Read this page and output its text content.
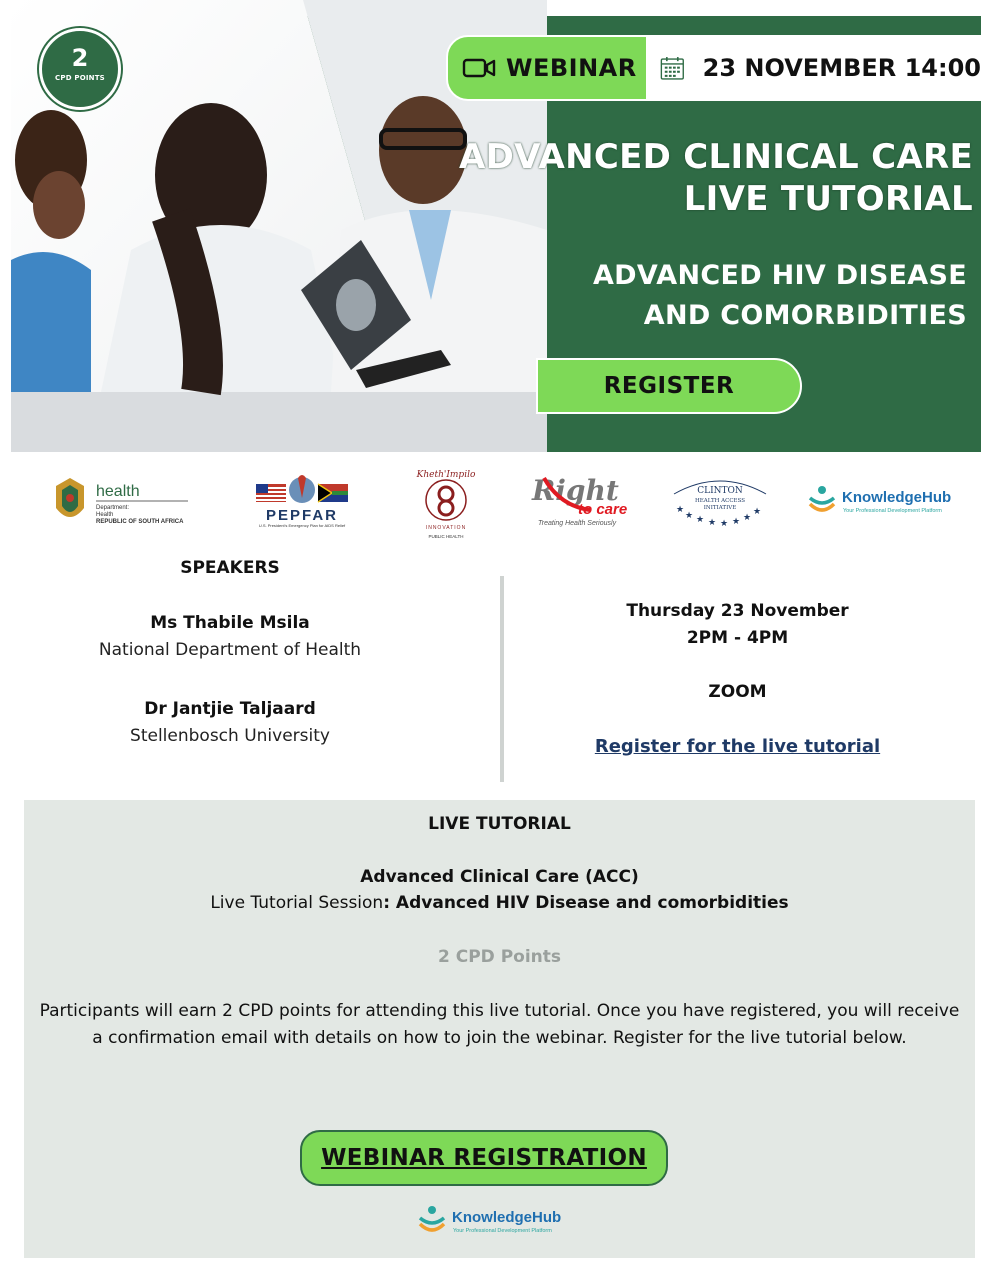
2
CPD POINTS	WEBINAR	23 NOVEMBER 14:00
ADVANCED CLINICAL CARE
LIVE TUTORIAL
ADVANCED HIV DISEASE
AND COMORBIDITIES
REGISTER
health
Department:
Health
REPUBLIC OF SOUTH AFRICA	PEPFAR
U.S. President's Emergency Plan for AIDS Relief
Kheth'Impilo
INNOVATION
PUBLIC HEALTH
Right
to care
Treating Health Seriously
CLINTON
HEALTH ACCESS
INITIATIVE
★
★ ★ ★ ★ ★ ★
★
KnowledgeHub
Your Professional Development Platform
SPEAKERS
Ms Thabile Msila
National Department of Health
Dr Jantjie Taljaard
Stellenbosch University
Thursday 23 November
2PM - 4PM
ZOOM
Register for the live tutorial
LIVE TUTORIAL
Advanced Clinical Care (ACC)
Live Tutorial Session: Advanced HIV Disease and comorbidities
2 CPD Points
Participants will earn 2 CPD points for attending this live tutorial. Once you have registered, you will receive a confirmation email with details on how to join the webinar. Register for the live tutorial below.
WEBINAR REGISTRATION
KnowledgeHub
Your Professional Development Platform
